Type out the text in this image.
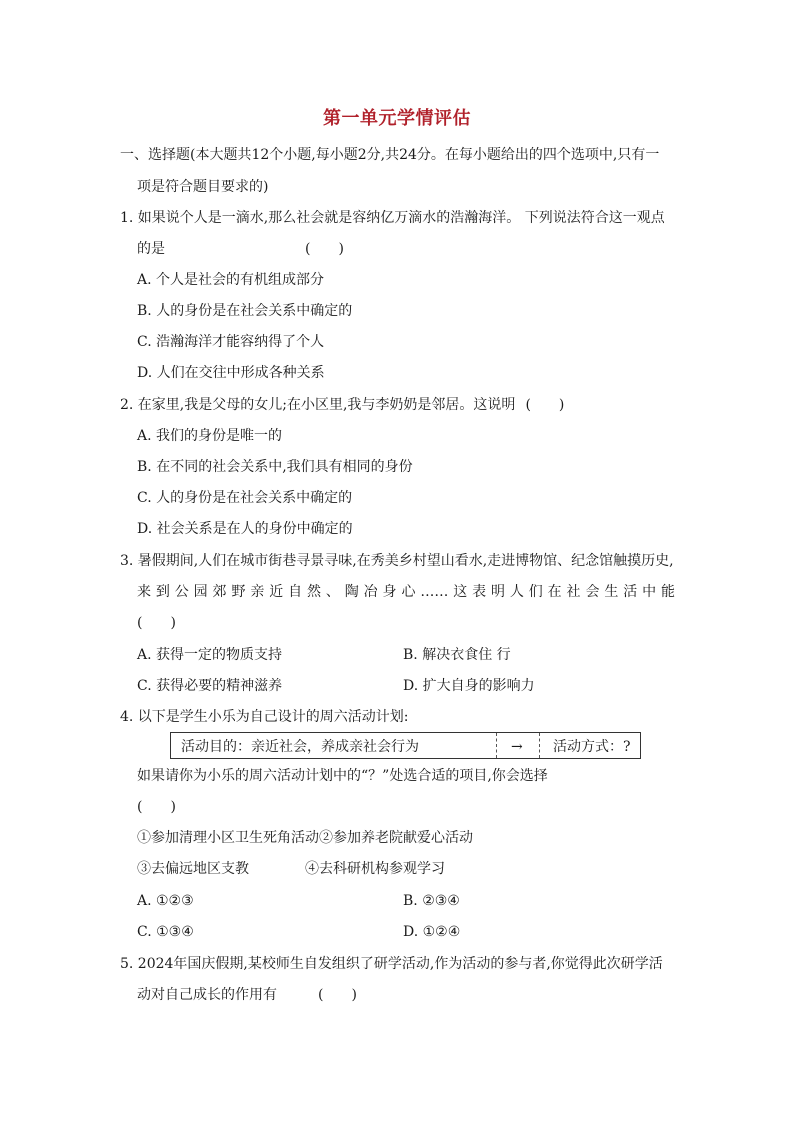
第一单元学情评估
一、选择题(本大题共12个小题,每小题2分,共24分。在每小题给出的四个选项中,只有一
项是符合题目要求的)
1. 如果说个人是一滴水,那么社会就是容纳亿万滴水的浩瀚海洋。 下列说法符合这一观点
的是	(　　)
A. 个人是社会的有机组成部分
B. 人的身份是在社会关系中确定的
C. 浩瀚海洋才能容纳得了个人
D. 人们在交往中形成各种关系
2. 在家里,我是父母的女儿;在小区里,我与李奶奶是邻居。这说明 (　　)
A. 我们的身份是唯一的
B. 在不同的社会关系中,我们具有相同的身份
C. 人的身份是在社会关系中确定的
D. 社会关系是在人的身份中确定的
3. 暑假期间,人们在城市街巷寻景寻味,在秀美乡村望山看水,走进博物馆、纪念馆触摸历史,
来到公园郊野亲近自然、陶冶身心……这表明人们在社会生活中能
(　　)
A. 获得一定的物质支持	B. 解决衣食住 行
C. 获得必要的精神滋养	D. 扩大自身的影响力
4. 以下是学生小乐为自己设计的周六活动计划:
活动目的：亲近社会，养成亲社会行为	→ 活动方式：?
如果请你为小乐的周六活动计划中的“？”处选合适的项目,你会选择
(　　)
①参加清理小区卫生死角活动②参加养老院献爱心活动
③去偏远地区支教	④去科研机构参观学习
A. ①②③	B. ②③④
C. ①③④	D. ①②④
5. 2024年国庆假期,某校师生自发组织了研学活动,作为活动的参与者,你觉得此次研学活
动对自己成长的作用有	(　　)
